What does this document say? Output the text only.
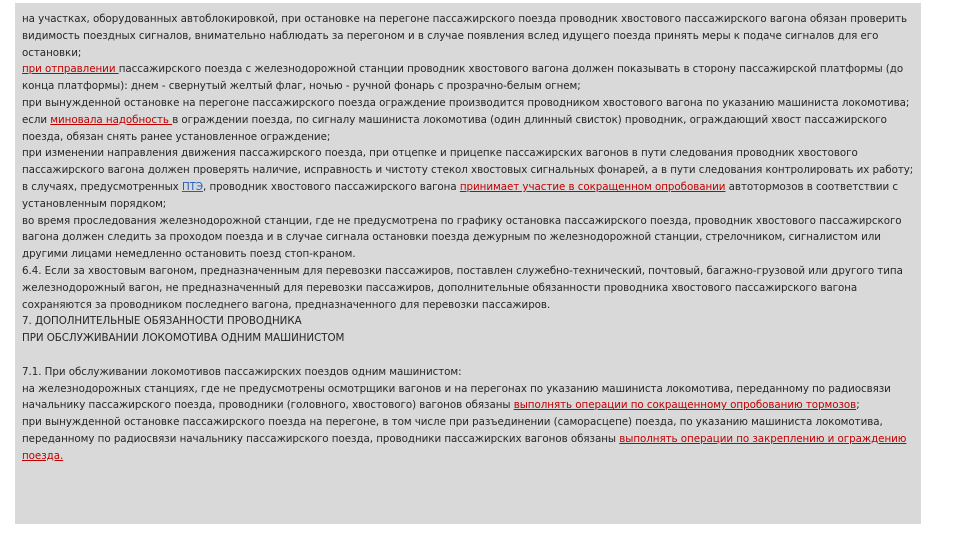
на участках, оборудованных автоблокировкой, при остановке на перегоне пассажирского поезда проводник хвостового пассажирского вагона обязан проверить видимость поездных сигналов, внимательно наблюдать за перегоном и в случае появления вслед идущего поезда принять меры к подаче сигналов для его остановки;

при отправлении пассажирского поезда с железнодорожной станции проводник хвостового вагона должен показывать в сторону пассажирской платформы (до конца платформы): днем - свернутый желтый флаг, ночью - ручной фонарь с прозрачно-белым огнем;

при вынужденной остановке на перегоне пассажирского поезда ограждение производится проводником хвостового вагона по указанию машиниста локомотива;

если миновала надобность в ограждении поезда, по сигналу машиниста локомотива (один длинный свисток) проводник, ограждающий хвост пассажирского поезда, обязан снять ранее установленное ограждение;

при изменении направления движения пассажирского поезда, при отцепке и прицепке пассажирских вагонов в пути следования проводник хвостового пассажирского вагона должен проверять наличие, исправность и чистоту стекол хвостовых сигнальных фонарей, а в пути следования контролировать их работу;

в случаях, предусмотренных ПТЭ, проводник хвостового пассажирского вагона принимает участие в сокращенном опробовании автотормозов в соответствии с установленным порядком;

во время проследования железнодорожной станции, где не предусмотрена по графику остановка пассажирского поезда, проводник хвостового пассажирского вагона должен следить за проходом поезда и в случае сигнала остановки поезда дежурным по железнодорожной станции, стрелочником, сигналистом или другими лицами немедленно остановить поезд стоп-краном.

6.4. Если за хвостовым вагоном, предназначенным для перевозки пассажиров, поставлен служебно-технический, почтовый, багажно-грузовой или другого типа железнодорожный вагон, не предназначенный для перевозки пассажиров, дополнительные обязанности проводника хвостового пассажирского вагона сохраняются за проводником последнего вагона, предназначенного для перевозки пассажиров.

7. ДОПОЛНИТЕЛЬНЫЕ ОБЯЗАННОСТИ ПРОВОДНИКА

ПРИ ОБСЛУЖИВАНИИ ЛОКОМОТИВА ОДНИМ МАШИНИСТОМ

7.1. При обслуживании локомотивов пассажирских поездов одним машинистом:

на железнодорожных станциях, где не предусмотрены осмотрщики вагонов и на перегонах по указанию машиниста локомотива, переданному по радиосвязи начальнику пассажирского поезда, проводники (головного, хвостового) вагонов обязаны выполнять операции по сокращенному опробованию тормозов;

при вынужденной остановке пассажирского поезда на перегоне, в том числе при разъединении (саморасцепе) поезда, по указанию машиниста локомотива, переданному по радиосвязи начальнику пассажирского поезда, проводники пассажирских вагонов обязаны выполнять операции по закреплению и ограждению поезда.
